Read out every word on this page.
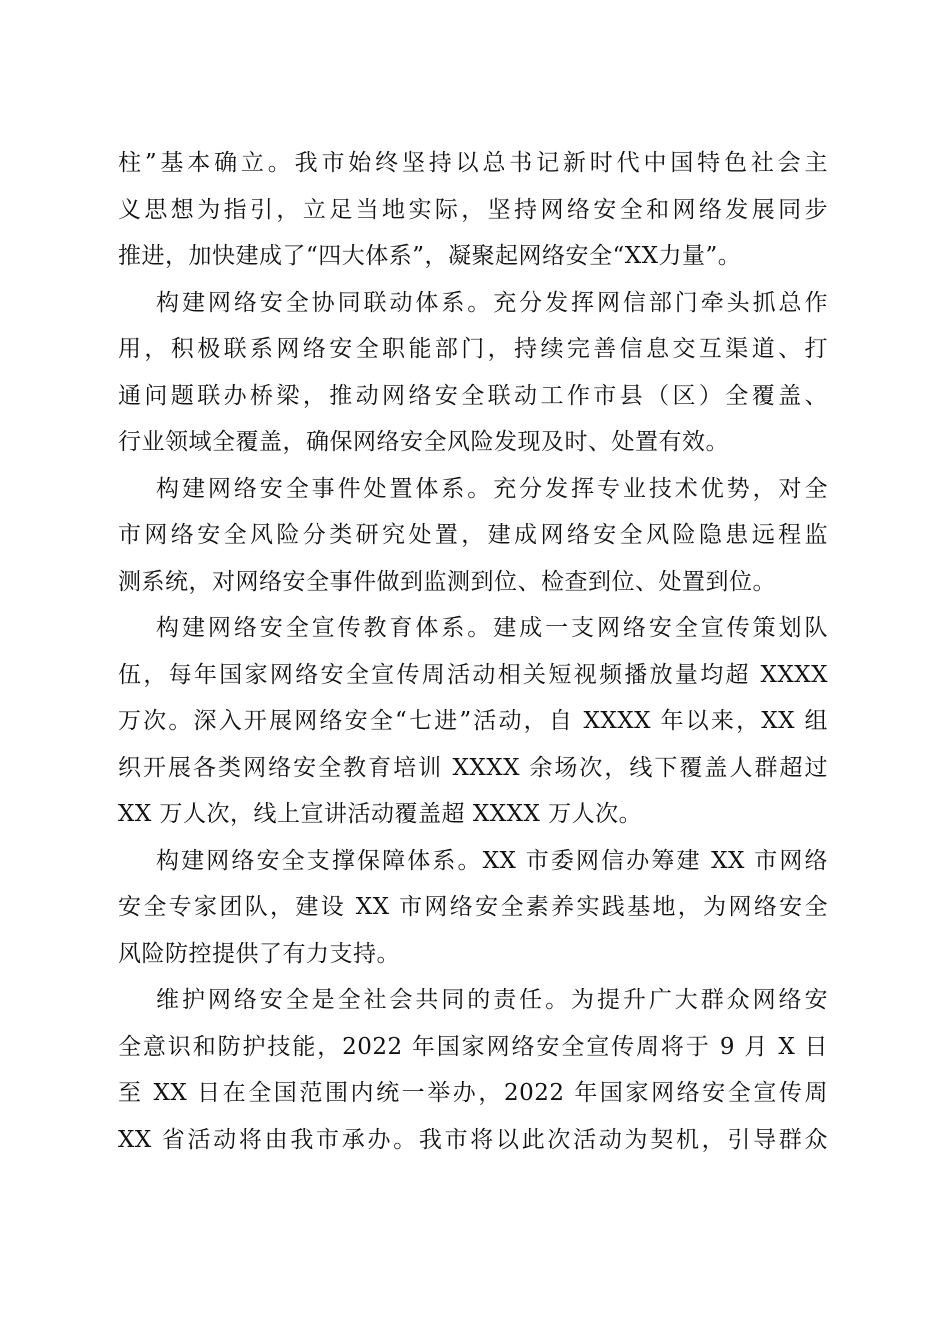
柱”基本确立。我市始终坚持以总书记新时代中国特色社会主
义思想为指引，立足当地实际，坚持网络安全和网络发展同步
推进，加快建成了“四大体系”，凝聚起网络安全“XX力量”。
构建网络安全协同联动体系。充分发挥网信部门牵头抓总作
用，积极联系网络安全职能部门，持续完善信息交互渠道、打
通问题联办桥梁，推动网络安全联动工作市县（区）全覆盖、
行业领域全覆盖，确保网络安全风险发现及时、处置有效。
构建网络安全事件处置体系。充分发挥专业技术优势，对全
市网络安全风险分类研究处置，建成网络安全风险隐患远程监
测系统，对网络安全事件做到监测到位、检查到位、处置到位。
构建网络安全宣传教育体系。建成一支网络安全宣传策划队
伍，每年国家网络安全宣传周活动相关短视频播放量均超 XXXX
万次。深入开展网络安全“七进”活动，自 XXXX 年以来，XX 组
织开展各类网络安全教育培训 XXXX 余场次，线下覆盖人群超过
XX 万人次，线上宣讲活动覆盖超 XXXX 万人次。
构建网络安全支撑保障体系。XX 市委网信办筹建 XX 市网络
安全专家团队，建设 XX 市网络安全素养实践基地，为网络安全
风险防控提供了有力支持。
维护网络安全是全社会共同的责任。为提升广大群众网络安
全意识和防护技能，2022 年国家网络安全宣传周将于 9 月 X 日
至 XX 日在全国范围内统一举办，2022 年国家网络安全宣传周
XX 省活动将由我市承办。我市将以此次活动为契机，引导群众
